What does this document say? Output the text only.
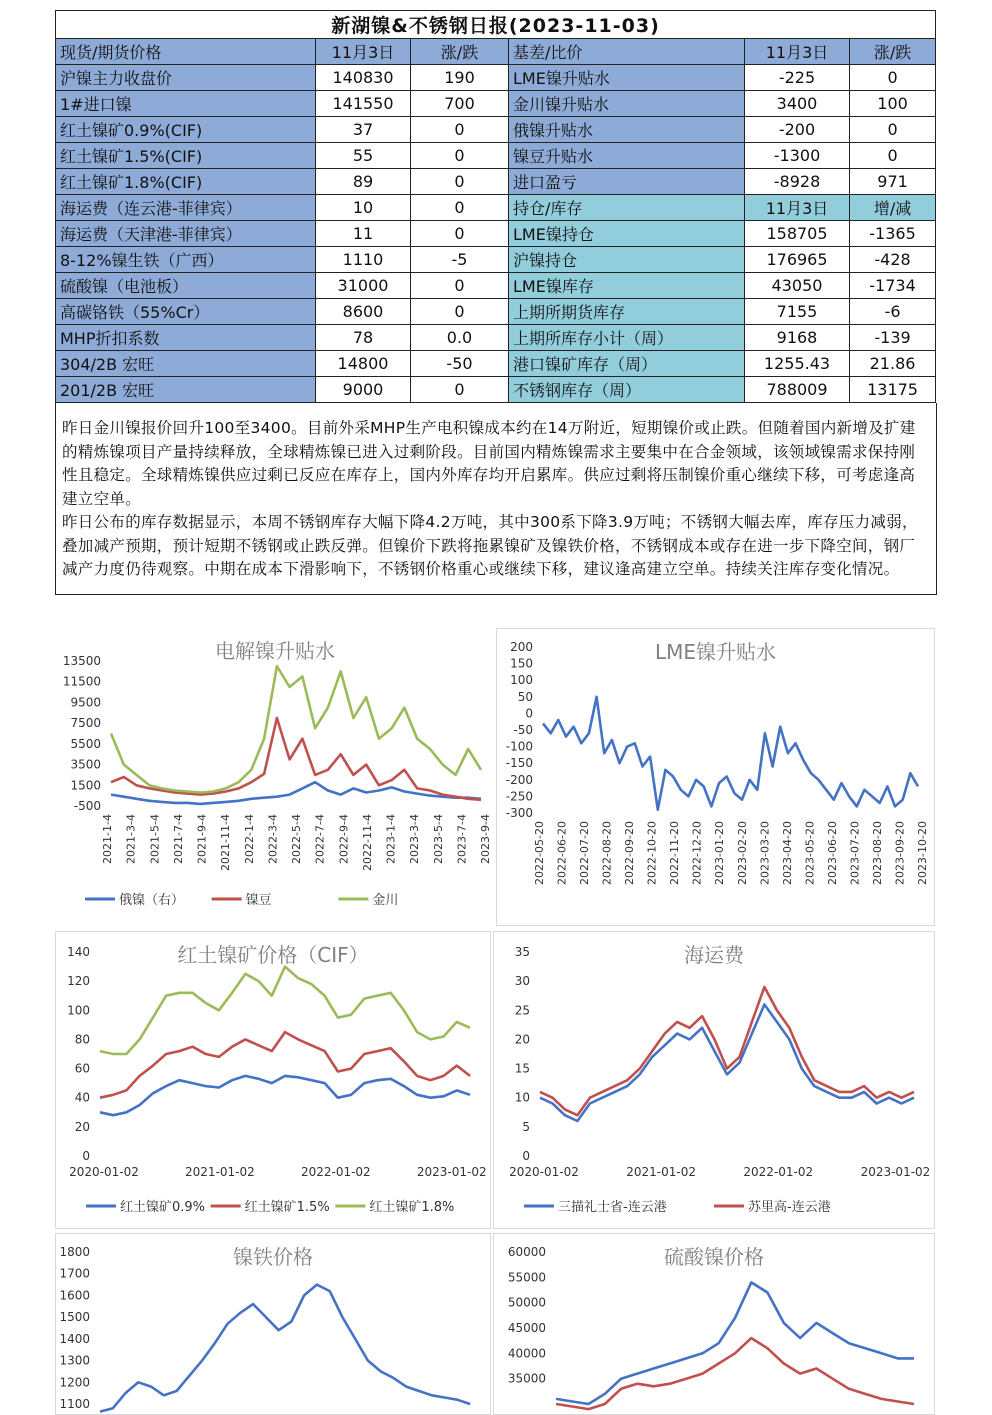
新湖镍&不锈钢日报(2023-11-03)					
现货/期货价格	11月3日	涨/跌	基差/比价	11月3日	涨/跌
沪镍主力收盘价	140830	190	LME镍升贴水	-225	0
1#进口镍	141550	700	金川镍升贴水	3400	100
红土镍矿0.9%(CIF)	37	0	俄镍升贴水	-200	0
红土镍矿1.5%(CIF)	55	0	镍豆升贴水	-1300	0
红土镍矿1.8%(CIF)	89	0	进口盈亏	-8928	971
海运费（连云港-菲律宾）	10	0	持仓/库存	11月3日	增/减
海运费（天津港-菲律宾）	11	0	LME镍持仓	158705	-1365
8-12%镍生铁（广西）	1110	-5	沪镍持仓	176965	-428
硫酸镍（电池板）	31000	0	LME镍库存	43050	-1734
高碳铬铁（55%Cr）	8600	0	上期所期货库存	7155	-6
MHP折扣系数	78	0.0	上期所库存小计（周）	9168	-139
304/2B 宏旺	14800	-50	港口镍矿库存（周）	1255.43	21.86
201/2B 宏旺	9000	0	不锈钢库存（周）	788009	13175
昨日金川镍报价回升100至3400。目前外采MHP生产电积镍成本约在14万附近，短期镍价或止跌。但随着国内新增及扩建的精炼镍项目产量持续释放，全球精炼镍已进入过剩阶段。目前国内精炼镍需求主要集中在合金领域，该领域镍需求保持刚性且稳定。全球精炼镍供应过剩已反应在库存上，国内外库存均开启累库。供应过剩将压制镍价重心继续下移，可考虑逢高建立空单。
昨日公布的库存数据显示，本周不锈钢库存大幅下降4.2万吨，其中300系下降3.9万吨；不锈钢大幅去库，库存压力减弱，叠加减产预期，预计短期不锈钢或止跌反弹。但镍价下跌将拖累镍矿及镍铁价格，不锈钢成本或存在进一步下降空间，钢厂减产力度仍待观察。中期在成本下滑影响下，不锈钢价格重心或继续下移，建议逢高建立空单。持续关注库存变化情况。
电解镍升贴水
13500
11500
9500
7500
5500
3500
1500
-500
2021-1-4 2021-3-4 2021-5-4 2021-7-4 2021-9-4 2021-11-4 2022-1-4 2022-3-4 2022-5-4 2022-7-4 2022-9-4 2022-11-4 2023-1-4 2023-3-4 2023-5-4 2023-7-4 2023-9-4
俄镍（右）	镍豆	金川
LME镍升贴水
200
150
100
50
0
-50
-100
-150
-200
-250
-300
2022-05-20 2022-06-20 2022-07-20 2022-08-20 2022-09-20 2022-10-20 2022-11-20 2022-12-20 2023-01-20 2023-02-20 2023-03-20 2023-04-20 2023-05-20 2023-06-20 2023-07-20 2023-08-20 2023-09-20 2023-10-20
红土镍矿价格（CIF）
140
120
100
80
60
40
20
0
2020-01-02	2021-01-02	2022-01-02	2023-01-02
红土镍矿0.9%	红土镍矿1.5%	红土镍矿1.8%
海运费
35
30
25
20
15
10
5
0
2020-01-02	2021-01-02	2022-01-02	2023-01-02
三描礼士省-连云港	苏里高-连云港
镍铁价格
1800
1700
1600
1500
1400
1300
1200
1100
硫酸镍价格
60000
55000
50000
45000
40000
35000
